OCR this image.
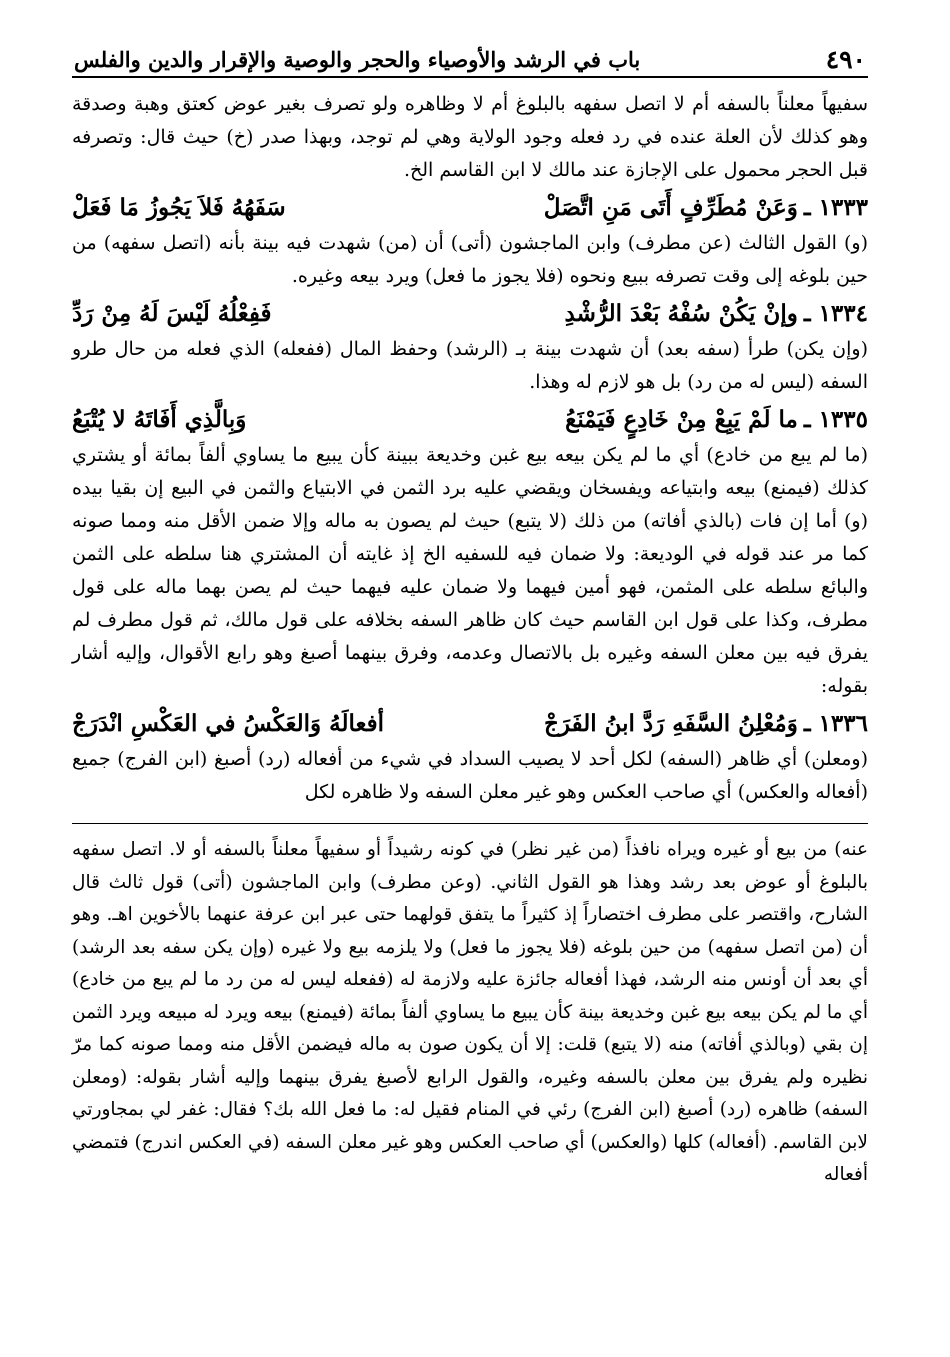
٤٩٠
باب في الرشد والأوصياء والحجر والوصية والإقرار والدين والفلس

سفيهاً معلناً بالسفه أم لا اتصل سفهه بالبلوغ أم لا وظاهره ولو تصرف بغير عوض كعتق وهبة وصدقة وهو كذلك لأن العلة عنده في رد فعله وجود الولاية وهي لم توجد، وبهذا صدر (خ) حيث قال: وتصرفه قبل الحجر محمول على الإجازة عند مالك لا ابن القاسم الخ.

١٣٣٣ ـ
وَعَنْ مُطَرِّفٍ أَتَى مَنِ اتَّصَلْ
سَفَهُهُ فَلاَ يَجُوزُ مَا فَعَلْ

(و) القول الثالث (عن مطرف) وابن الماجشون (أتى) أن (من) شهدت فيه بينة بأنه (اتصل سفهه) من حين بلوغه إلى وقت تصرفه ببيع ونحوه (فلا يجوز ما فعل) ويرد بيعه وغيره.

١٣٣٤ ـ
وإنْ يَكُنْ سُفْهُ بَعْدَ الرُّشْدِ
فَفِعْلُهُ لَيْسَ لَهُ مِنْ رَدِّ

(وإن يكن) طرأ (سفه بعد) أن شهدت بينة بـ (الرشد) وحفظ المال (ففعله) الذي فعله من حال طرو السفه (ليس له من رد) بل هو لازم له وهذا.

١٣٣٥ ـ
ما لَمْ يَبِعْ مِنْ خَادِعٍ فَيَمْنَعُ
وَبِالَّذِي أَفَاتَهُ لا يُتْبَعُ

(ما لم يبع من خادع) أي ما لم يكن بيعه بيع غبن وخديعة ببينة كأن يبيع ما يساوي ألفاً بمائة أو يشتري كذلك (فيمنع) بيعه وابتياعه ويفسخان ويقضي عليه برد الثمن في الابتياع والثمن في البيع إن بقيا بيده (و) أما إن فات (بالذي أفاته) من ذلك (لا يتبع) حيث لم يصون به ماله وإلا ضمن الأقل منه ومما صونه كما مر عند قوله في الوديعة: ولا ضمان فيه للسفيه الخ إذ غايته أن المشتري هنا سلطه على الثمن والبائع سلطه على المثمن، فهو أمين فيهما ولا ضمان عليه فيهما حيث لم يصن بهما ماله على قول مطرف، وكذا على قول ابن القاسم حيث كان ظاهر السفه بخلافه على قول مالك، ثم قول مطرف لم يفرق فيه بين معلن السفه وغيره بل بالاتصال وعدمه، وفرق بينهما أصبغ وهو رابع الأقوال، وإليه أشار بقوله:

١٣٣٦ ـ
وَمُعْلِنُ السَّفَهِ رَدَّ ابنُ الفَرَجْ
أفعالَهُ وَالعَكْسُ في العَكْسِ انْدَرَجْ

(ومعلن) أي ظاهر (السفه) لكل أحد لا يصيب السداد في شيء من أفعاله (رد) أصبغ (ابن الفرج) جميع (أفعاله والعكس) أي صاحب العكس وهو غير معلن السفه ولا ظاهره لكل

عنه) من بيع أو غيره ويراه نافذاً (من غير نظر) في كونه رشيداً أو سفيهاً معلناً بالسفه أو لا. اتصل سفهه بالبلوغ أو عوض بعد رشد وهذا هو القول الثاني. (وعن مطرف) وابن الماجشون (أتى) قول ثالث قال الشارح، واقتصر على مطرف اختصاراً إذ كثيراً ما يتفق قولهما حتى عبر ابن عرفة عنهما بالأخوين اهـ. وهو أن (من اتصل سفهه) من حين بلوغه (فلا يجوز ما فعل) ولا يلزمه بيع ولا غيره (وإن يكن سفه بعد الرشد) أي بعد أن أونس منه الرشد، فهذا أفعاله جائزة عليه ولازمة له (ففعله ليس له من رد ما لم يبع من خادع) أي ما لم يكن بيعه بيع غبن وخديعة بينة كأن يبيع ما يساوي ألفاً بمائة (فيمنع) بيعه ويرد له مبيعه ويرد الثمن إن بقي (وبالذي أفاته) منه (لا يتبع) قلت: إلا أن يكون صون به ماله فيضمن الأقل منه ومما صونه كما مرّ نظيره ولم يفرق بين معلن بالسفه وغيره، والقول الرابع لأصبغ يفرق بينهما وإليه أشار بقوله: (ومعلن السفه) ظاهره (رد) أصبغ (ابن الفرج) رئي في المنام فقيل له: ما فعل الله بك؟ فقال: غفر لي بمجاورتي لابن القاسم. (أفعاله) كلها (والعكس) أي صاحب العكس وهو غير معلن السفه (في العكس اندرج) فتمضي أفعاله
